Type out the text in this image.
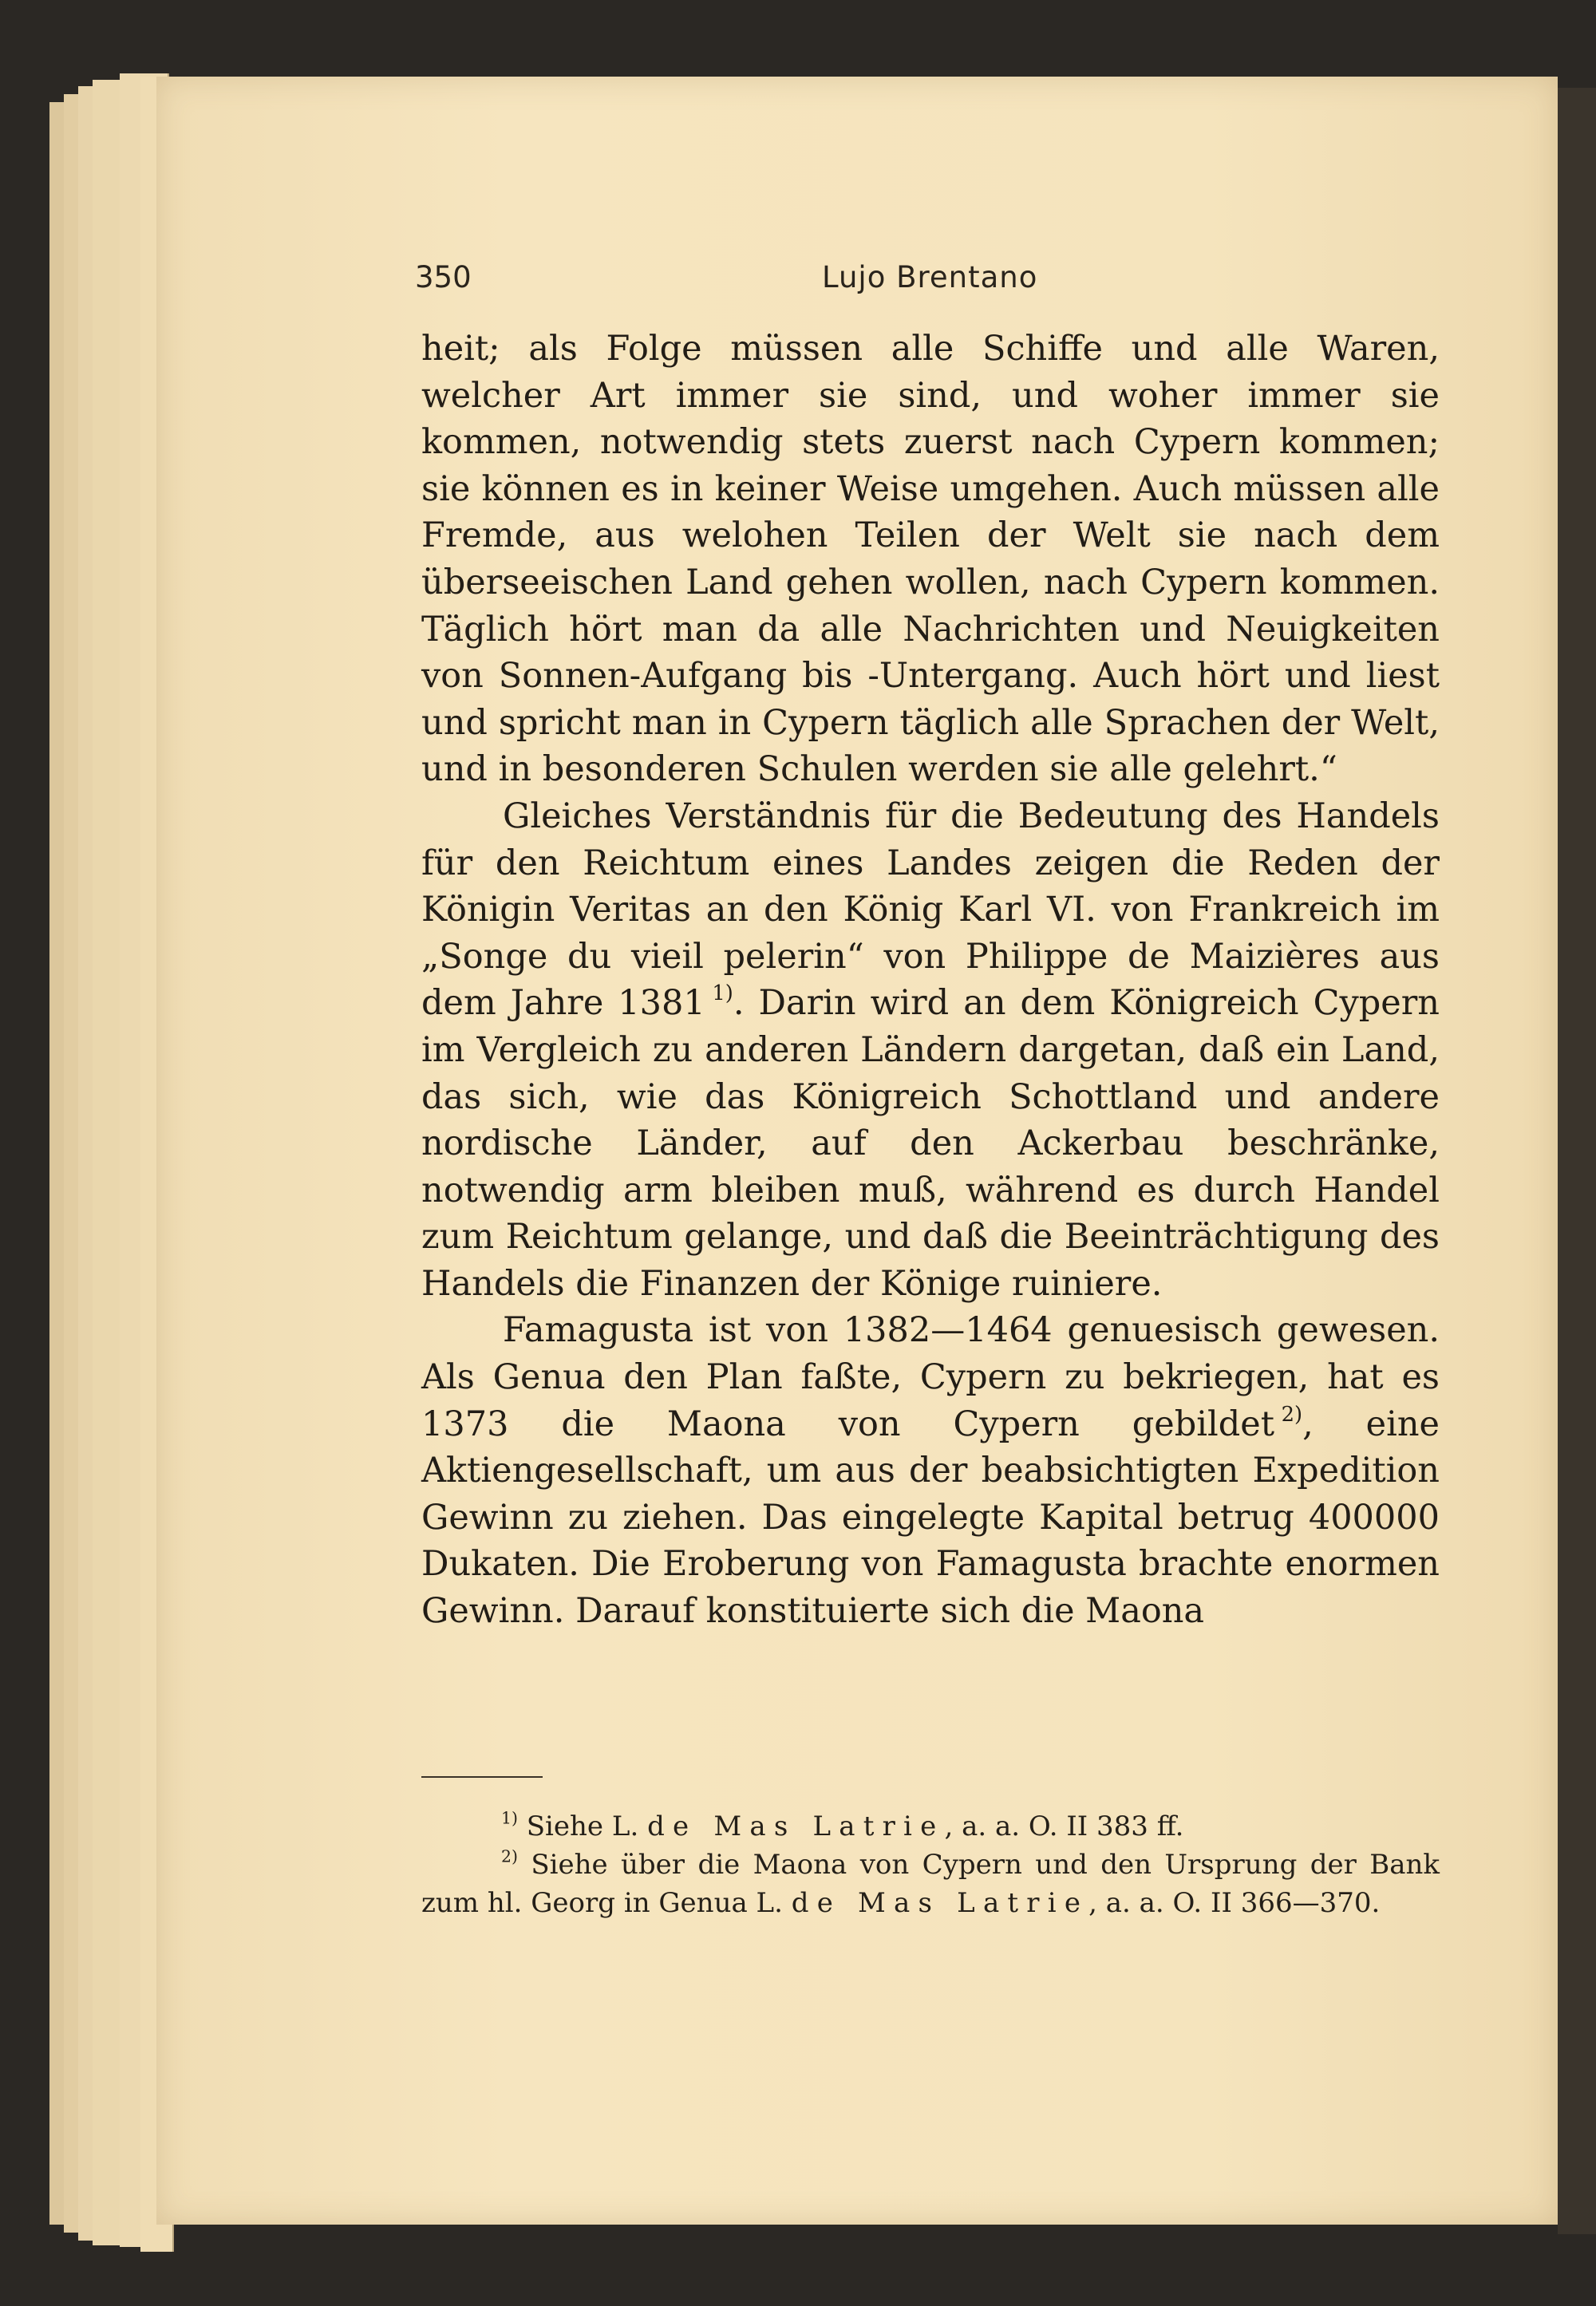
350	Lujo Brentano

heit; als Folge müssen alle Schiffe und alle Waren, welcher Art immer sie sind, und woher immer sie kommen, notwendig stets zuerst nach Cypern kommen; sie können es in keiner Weise umgehen. Auch müssen alle Fremde, aus welohen Teilen der Welt sie nach dem überseeischen Land gehen wollen, nach Cypern kommen. Täglich hört man da alle Nachrichten und Neuigkeiten von Sonnen-Aufgang bis -Untergang. Auch hört und liest und spricht man in Cypern täglich alle Sprachen der Welt, und in besonderen Schulen werden sie alle gelehrt.“

Gleiches Verständnis für die Bedeutung des Handels für den Reichtum eines Landes zeigen die Reden der Königin Veritas an den König Karl VI. von Frankreich im „Songe du vieil pelerin“ von Philippe de Maizières aus dem Jahre 1381  $^{1)}$. Darin wird an dem Königreich Cypern im Vergleich zu anderen Ländern dargetan, daß ein Land, das sich, wie das Königreich Schottland und andere nordische Länder, auf den Ackerbau beschränke, notwendig arm bleiben muß, während es durch Handel zum Reichtum gelange, und daß die Beeinträchtigung des Handels die Finanzen der Könige ruiniere.

Famagusta ist von 1382—1464 genuesisch gewesen. Als Genua den Plan faßte, Cypern zu bekriegen, hat es 1373 die Maona von Cypern gebildet  $^{2)}$, eine Aktiengesellschaft, um aus der beabsichtigten Expedition Gewinn zu ziehen. Das eingelegte Kapital betrug 400000 Dukaten. Die Eroberung von Famagusta brachte enormen Gewinn. Darauf konstituierte sich die Maona

$^{1)}$ Siehe L. de Mas Latrie, a. a. O. II 383 ff.

$^{2)}$ Siehe über die Maona von Cypern und den Ursprung der Bank zum hl. Georg in Genua L. de Mas Latrie, a. a. O. II 366—370.
